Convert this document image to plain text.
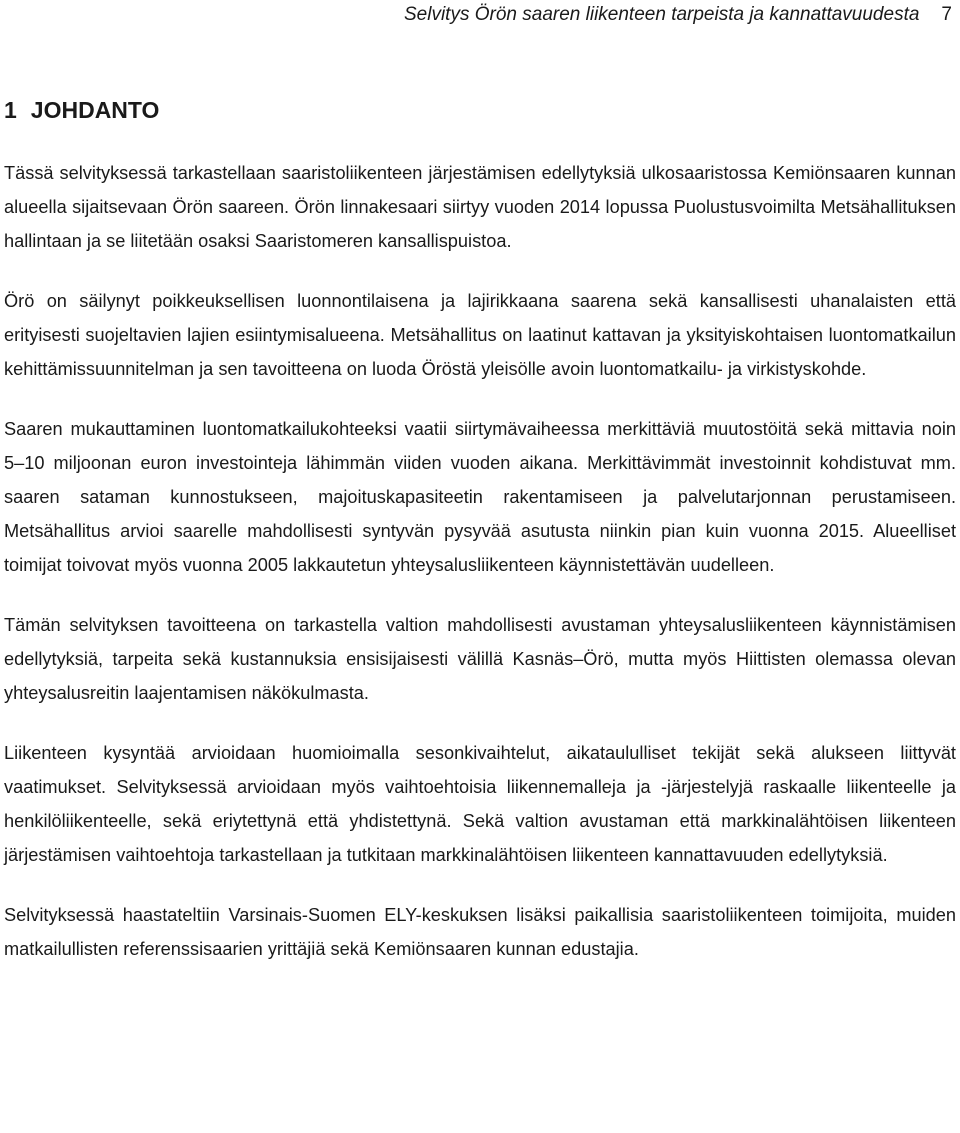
Selvitys Örön saaren liikenteen tarpeista ja kannattavuudesta 7
1 JOHDANTO

Tässä selvityksessä tarkastellaan saaristoliikenteen järjestämisen edellytyksiä ulkosaaristossa Kemiönsaaren kunnan alueella sijaitsevaan Örön saareen. Örön linnakesaari siirtyy vuoden 2014 lopussa Puolustusvoimilta Metsähallituksen hallintaan ja se liitetään osaksi Saaristomeren kansallispuistoa.

Örö on säilynyt poikkeuksellisen luonnontilaisena ja lajirikkaana saarena sekä kansallisesti uhanalaisten että erityisesti suojeltavien lajien esiintymisalueena. Metsähallitus on laatinut kattavan ja yksityiskohtaisen luontomatkailun kehittämissuunnitelman ja sen tavoitteena on luoda Öröstä yleisölle avoin luontomatkailu- ja virkistyskohde.

Saaren mukauttaminen luontomatkailukohteeksi vaatii siirtymävaiheessa merkittäviä muutostöitä sekä mittavia noin 5–10 miljoonan euron investointeja lähimmän viiden vuoden aikana. Merkittävimmät investoinnit kohdistuvat mm. saaren sataman kunnostukseen, majoituskapasiteetin rakentamiseen ja palvelutarjonnan perustamiseen. Metsähallitus arvioi saarelle mahdollisesti syntyvän pysyvää asutusta niinkin pian kuin vuonna 2015. Alueelliset toimijat toivovat myös vuonna 2005 lakkautetun yhteysalusliikenteen käynnistettävän uudelleen.

Tämän selvityksen tavoitteena on tarkastella valtion mahdollisesti avustaman yhteysalusliikenteen käynnistämisen edellytyksiä, tarpeita sekä kustannuksia ensisijaisesti välillä Kasnäs–Örö, mutta myös Hiittisten olemassa olevan yhteysalusreitin laajentamisen näkökulmasta.

Liikenteen kysyntää arvioidaan huomioimalla sesonkivaihtelut, aikataululliset tekijät sekä alukseen liittyvät vaatimukset. Selvityksessä arvioidaan myös vaihtoehtoisia liikennemalleja ja -järjestelyjä raskaalle liikenteelle ja henkilöliikenteelle, sekä eriytettynä että yhdistettynä. Sekä valtion avustaman että markkinalähtöisen liikenteen järjestämisen vaihtoehtoja tarkastellaan ja tutkitaan markkinalähtöisen liikenteen kannattavuuden edellytyksiä.

Selvityksessä haastateltiin Varsinais-Suomen ELY-keskuksen lisäksi paikallisia saaristoliikenteen toimijoita, muiden matkailullisten referenssisaarien yrittäjiä sekä Kemiönsaaren kunnan edustajia.
